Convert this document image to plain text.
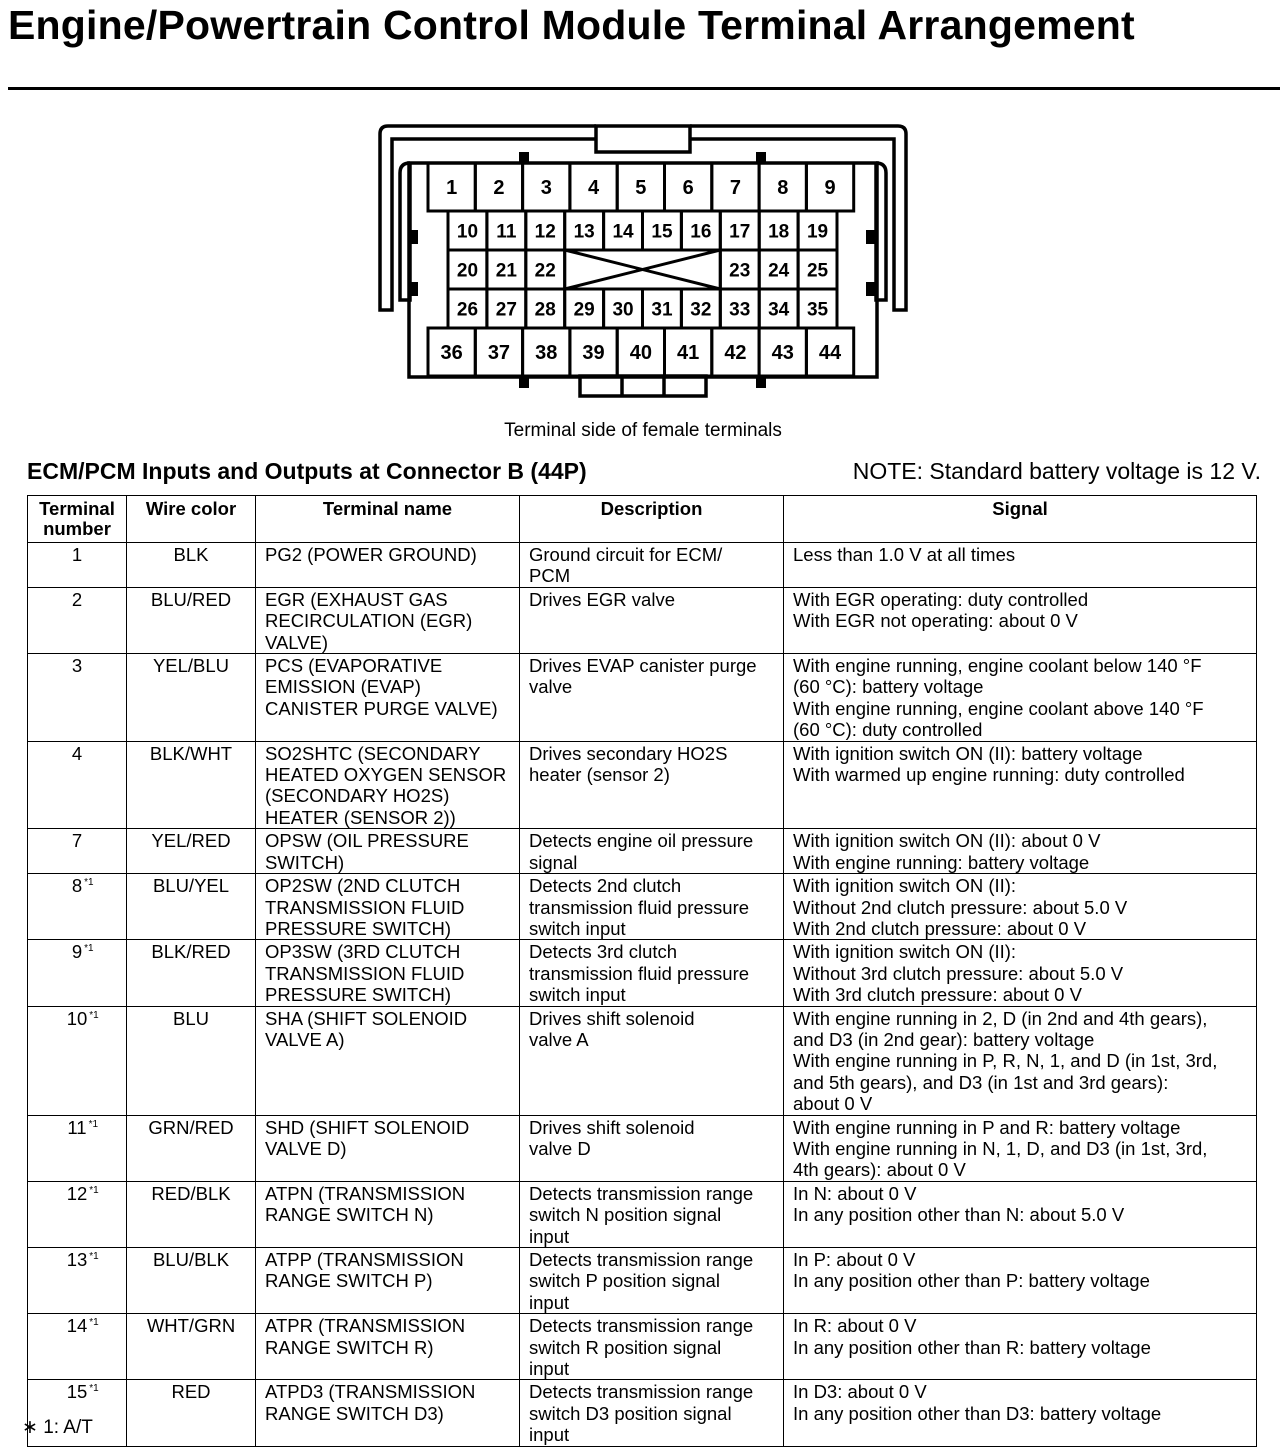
Engine/Powertrain Control Module Terminal Arrangement
1 2 3 4 5 6 7 8 9
36 37 38 39 40 41 42 43 44
10 11 12 13 14 15 16 17 18 19
26 27 28 29 30 31 32 33 34 35
20 21 22	23 24 25
Terminal side of female terminals
ECM/PCM Inputs and Outputs at Connector B (44P)	NOTE: Standard battery voltage is 12 V.
Terminal
number	Wire color	Terminal name	Description	Signal
1	BLK	PG2 (POWER GROUND)	Ground circuit for ECM/
PCM	Less than 1.0 V at all times
2	BLU/RED	EGR (EXHAUST GAS
RECIRCULATION (EGR)
VALVE)	Drives EGR valve	With EGR operating: duty controlled
With EGR not operating: about 0 V
3	YEL/BLU	PCS (EVAPORATIVE
EMISSION (EVAP)
CANISTER PURGE VALVE)	Drives EVAP canister purge
valve	With engine running, engine coolant below 140 °F
(60 °C): battery voltage
With engine running, engine coolant above 140 °F
(60 °C): duty controlled
4	BLK/WHT	SO2SHTC (SECONDARY
HEATED OXYGEN SENSOR
(SECONDARY HO2S)
HEATER (SENSOR 2))	Drives secondary HO2S
heater (sensor 2)	With ignition switch ON (II): battery voltage
With warmed up engine running: duty controlled
7	YEL/RED	OPSW (OIL PRESSURE
SWITCH)	Detects engine oil pressure
signal	With ignition switch ON (II): about 0 V
With engine running: battery voltage
8 *1	BLU/YEL	OP2SW (2ND CLUTCH
TRANSMISSION FLUID
PRESSURE SWITCH)	Detects 2nd clutch
transmission fluid pressure
switch input	With ignition switch ON (II):
Without 2nd clutch pressure: about 5.0 V
With 2nd clutch pressure: about 0 V
9 *1	BLK/RED	OP3SW (3RD CLUTCH
TRANSMISSION FLUID
PRESSURE SWITCH)	Detects 3rd clutch
transmission fluid pressure
switch input	With ignition switch ON (II):
Without 3rd clutch pressure: about 5.0 V
With 3rd clutch pressure: about 0 V
10 *1	BLU	SHA (SHIFT SOLENOID
VALVE A)	Drives shift solenoid
valve A	With engine running in 2, D (in 2nd and 4th gears),
and D3 (in 2nd gear): battery voltage
With engine running in P, R, N, 1, and D (in 1st, 3rd,
and 5th gears), and D3 (in 1st and 3rd gears):
about 0 V
11 *1	GRN/RED	SHD (SHIFT SOLENOID
VALVE D)	Drives shift solenoid
valve D	With engine running in P and R: battery voltage
With engine running in N, 1, D, and D3 (in 1st, 3rd,
4th gears): about 0 V
12 *1	RED/BLK	ATPN (TRANSMISSION
RANGE SWITCH N)	Detects transmission range
switch N position signal
input	In N: about 0 V
In any position other than N: about 5.0 V
13 *1	BLU/BLK	ATPP (TRANSMISSION
RANGE SWITCH P)	Detects transmission range
switch P position signal
input	In P: about 0 V
In any position other than P: battery voltage
14 *1	WHT/GRN	ATPR (TRANSMISSION
RANGE SWITCH R)	Detects transmission range
switch R position signal
input	In R: about 0 V
In any position other than R: battery voltage
15 *1	RED	ATPD3 (TRANSMISSION
RANGE SWITCH D3)	Detects transmission range
switch D3 position signal
input	In D3: about 0 V
In any position other than D3: battery voltage
∗ 1: A/T
